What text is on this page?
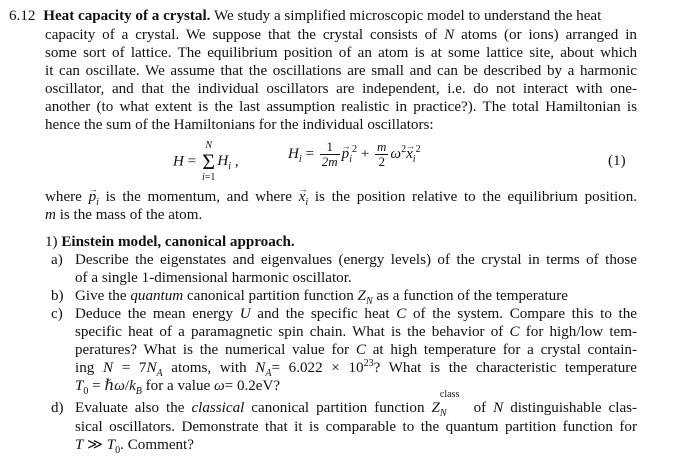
6.12 Heat capacity of a crystal. We study a simplified microscopic model to understand the heat
capacity of a crystal. We suppose that the crystal consists of N atoms (or ions) arranged in
some sort of lattice. The equilibrium position of an atom is at some lattice site, about which
it can oscillate. We assume that the oscillations are small and can be described by a harmonic
oscillator, and that the individual oscillators are independent, i.e. do not interact with one-
another (to what extent is the last assumption realistic in practice?). The total Hamiltonian is
hence the sum of the Hamiltonians for the individual oscillators:
H =
N
Σ
i=1
$H_i$ ,	$H_i = \frac{1}{2m}$ $p \to_i^2 + \frac{m}{2} \omega^2x \to_i^2$
(1)
where $p \to_i$ is the momentum, and where $x \to_i$ is the position relative to the equilibrium position.
m is the mass of the atom.
1) Einstein model, canonical approach.
a) Describe the eigenstates and eigenvalues (energy levels) of the crystal in terms of those
of a single 1-dimensional harmonic oscillator.
b) Give the quantum canonical partition function $Z_N$ as a function of the temperature
c) Deduce the mean energy U and the specific heat C of the system. Compare this to the
specific heat of a paramagnetic spin chain. What is the behavior of C for high/low tem-
peratures? What is the numerical value for C at high temperature for a crystal contain-
ing $N = 7N_A$ atoms, with $N_A= 6.022 \times 10^{23}$? What is the characteristic temperature
$T_0$ = $\hbar\omega/k_B$ for a value ω= 0.2eV?
d) Evaluate also the classical canonical partition function Z
class
$_N$ of N distinguishable clas-
sical oscillators. Demonstrate that it is comparable to the quantum partition function for
T ≫ $T_0$. Comment?
